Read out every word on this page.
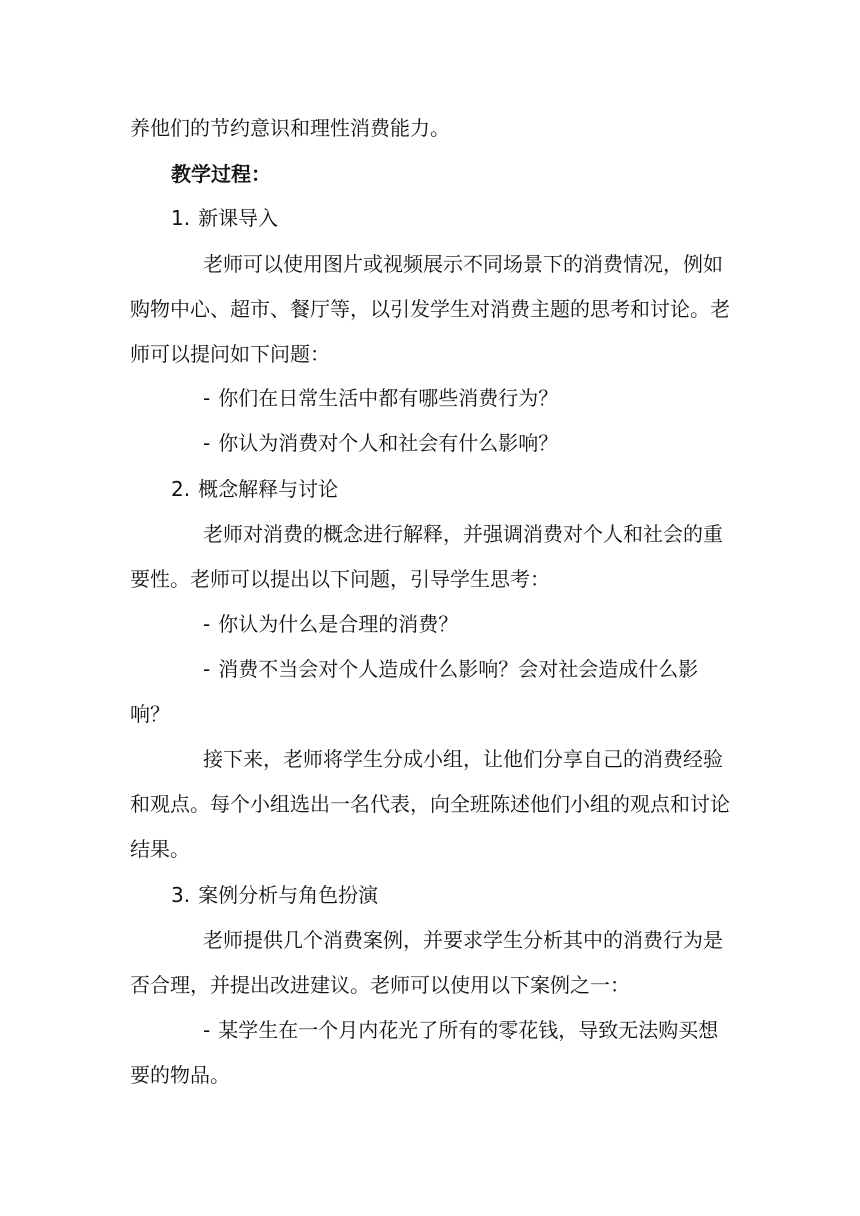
养他们的节约意识和理性消费能力。

教学过程：

1. 新课导入

老师可以使用图片或视频展示不同场景下的消费情况，例如

购物中心、超市、餐厅等，以引发学生对消费主题的思考和讨论。老

师可以提问如下问题：

- 你们在日常生活中都有哪些消费行为？

- 你认为消费对个人和社会有什么影响？

2. 概念解释与讨论

老师对消费的概念进行解释，并强调消费对个人和社会的重

要性。老师可以提出以下问题，引导学生思考：

- 你认为什么是合理的消费？

- 消费不当会对个人造成什么影响？会对社会造成什么影

响？

接下来，老师将学生分成小组，让他们分享自己的消费经验

和观点。每个小组选出一名代表，向全班陈述他们小组的观点和讨论

结果。

3. 案例分析与角色扮演

老师提供几个消费案例，并要求学生分析其中的消费行为是

否合理，并提出改进建议。老师可以使用以下案例之一：

- 某学生在一个月内花光了所有的零花钱，导致无法购买想

要的物品。
